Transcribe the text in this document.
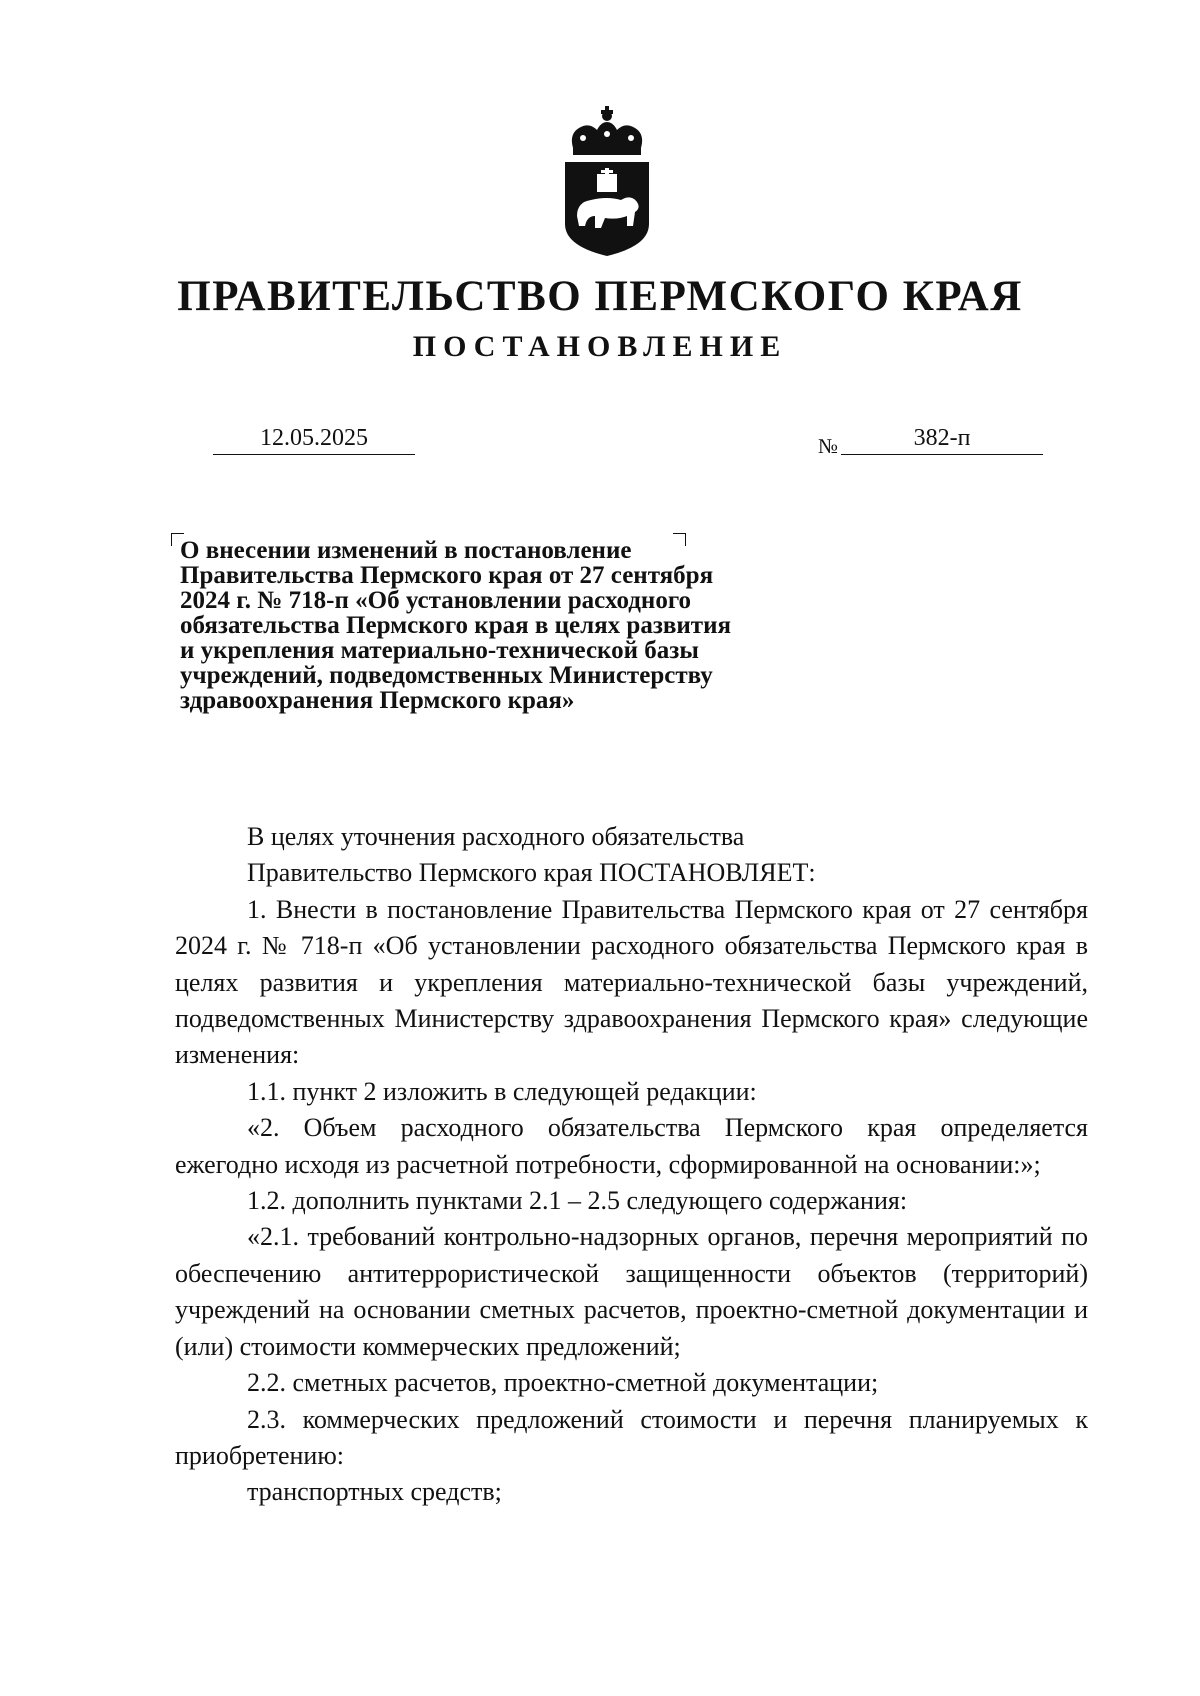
ПРАВИТЕЛЬСТВО ПЕРМСКОГО КРАЯ
ПОСТАНОВЛЕНИЕ
12.05.2025	№	382-п
О внесении изменений в постановление
Правительства Пермского края от 27 сентября
2024 г. № 718-п «Об установлении расходного
обязательства Пермского края в целях развития
и укрепления материально-технической базы
учреждений, подведомственных Министерству
здравоохранения Пермского края»

В целях уточнения расходного обязательства

Правительство Пермского края ПОСТАНОВЛЯЕТ:

1. Внести в постановление Правительства Пермского края от 27 сентября 2024 г. № 718-п «Об установлении расходного обязательства Пермского края в целях развития и укрепления материально-технической базы учреждений, подведомственных Министерству здравоохранения Пермского края» следующие изменения:

1.1. пункт 2 изложить в следующей редакции:

«2. Объем расходного обязательства Пермского края определяется ежегодно исходя из расчетной потребности, сформированной на основании:»;

1.2. дополнить пунктами 2.1 – 2.5 следующего содержания:

«2.1. требований контрольно-надзорных органов, перечня мероприятий по обеспечению антитеррористической защищенности объектов (территорий) учреждений на основании сметных расчетов, проектно-сметной документации и (или) стоимости коммерческих предложений;

2.2. сметных расчетов, проектно-сметной документации;

2.3. коммерческих предложений стоимости и перечня планируемых к приобретению:

транспортных средств;
